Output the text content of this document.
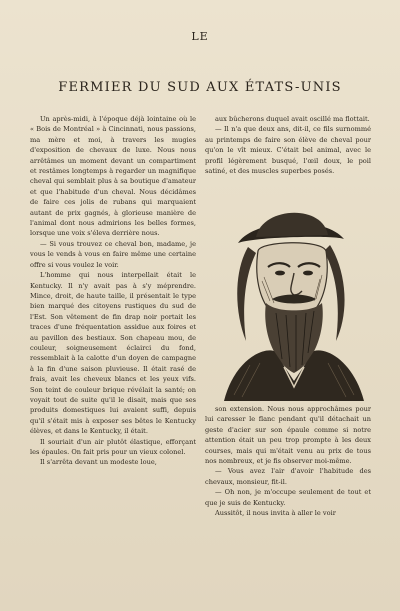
LE
FERMIER DU SUD AUX ÉTATS-UNIS

Un après-midi, à l'époque déjà lointaine où le « Bois de Montréal » à Cincinnati, nous passions, ma mère et moi, à travers les mugies d'exposition de chevaux de luxe. Nous nous arrêtâmes un moment devant un compartiment et restâmes longtemps à regarder un magnifique cheval qui semblait plus à sa boutique d'amateur et que l'habitude d'un cheval. Nous décidâmes de faire ces jolis de rubans qui marquaient autant de prix gagnés, à glorieuse manière de l'animal dont nous admirions les belles formes, lorsque une voix s'éleva derrière nous.

— Si vous trouvez ce cheval bon, madame, je vous le vends à vous en faire même une certaine offre si vous voulez le voir.

L'homme qui nous interpellait était le Kentucky. Il n'y avait pas à s'y méprendre. Mince, droit, de haute taille, il présentait le type bien marqué des citoyens rustiques du sud de l'Est. Son vêtement de fin drap noir portait les traces d'une fréquentation assidue aux foires et au pavillon des bestiaux. Son chapeau mou, de couleur, soigneusement éclairci du fond, ressemblait à la calotte d'un doyen de campagne à la fin d'une saison pluvieuse. Il était rasé de frais, avait les cheveux blancs et les yeux vifs. Son teint de couleur brique révélait la santé; on voyait tout de suite qu'il le disait, mais que ses produits domestiques lui avaient suffi, depuis qu'il s'était mis à exposer ses bêtes le Kentucky élèves, et dans le Kentucky, il était.

Il souriait d'un air plutôt élastique, efforçant les épaules. On fait pris pour un vieux colonel.

Il s'arrêta devant un modeste loue,

aux bûcherons duquel avait oscillé ma flottait.

— Il n'a que deux ans, dit-il, ce fils surnommé au printemps de faire son élève de cheval pour qu'on le vît mieux. C'était bel animal, avec le profil légèrement busqué, l'œil doux, le poil satiné, et des muscles superbes posés.

son extension. Nous nous approchâmes pour lui caresser le flanc pendant qu'il détachait un geste d'acier sur son épaule comme si notre attention était un peu trop prompte à les deux courses, mais qui m'était venu au prix de tous nos nombreux, et je fis observer moi-même.

— Vous avez l'air d'avoir l'habitude des chevaux, monsieur, fit-il.

— Oh non, je m'occupe seulement de tout et que je suis de Kentucky.

Aussitôt, il nous invita à aller le voir
